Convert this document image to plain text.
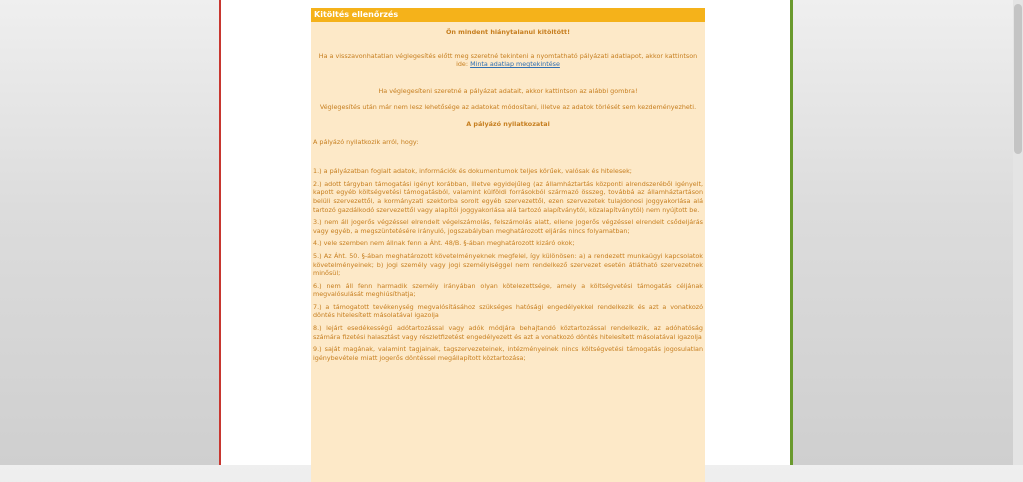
Kitöltés ellenőrzés

Ön mindent hiánytalanul kitöltött!

Ha a visszavonhatatlan véglegesítés előtt meg szeretné tekinteni a nyomtatható pályázati adatlapot, akkor kattintson ide: Minta adatlap megtekintése

Ha véglegesíteni szeretné a pályázat adatait, akkor kattintson az alábbi gombra!

Véglegesítés után már nem lesz lehetősége az adatokat módosítani, illetve az adatok törlését sem kezdeményezheti.

A pályázó nyilatkozatai

A pályázó nyilatkozik arról, hogy:

1.) a pályázatban foglalt adatok, információk és dokumentumok teljes körűek, valósak és hitelesek;

2.) adott tárgyban támogatási igényt korábban, illetve egyidejűleg (az államháztartás központi alrendszeréből igényelt, kapott egyéb költségvetési támogatásból, valamint külföldi forrásokból származó összeg, továbbá az államháztartáson belüli szervezettől, a kormányzati szektorba sorolt egyéb szervezettől, ezen szervezetek tulajdonosi joggyakorlása alá tartozó gazdálkodó szervezettől vagy alapítói joggyakorlása alá tartozó alapítványtól, közalapítványtól) nem nyújtott be.

3.) nem áll jogerős végzéssel elrendelt végelszámolás, felszámolás alatt, ellene jogerős végzéssel elrendelt csődeljárás vagy egyéb, a megszüntetésére irányuló, jogszabályban meghatározott eljárás nincs folyamatban;

4.) vele szemben nem állnak fenn a Áht. 48/B. §-ában meghatározott kizáró okok;

5.) Az Áht. 50. §-ában meghatározott követelményeknek megfelel, így különösen: a) a rendezett munkaügyi kapcsolatok követelményeinek; b) jogi személy vagy jogi személyiséggel nem rendelkező szervezet esetén átlátható szervezetnek minősül;

6.) nem áll fenn harmadik személy irányában olyan kötelezettsége, amely a költségvetési támogatás céljának megvalósulását meghiúsíthatja;

7.) a támogatott tevékenység megvalósításához szükséges hatósági engedélyekkel rendelkezik és azt a vonatkozó döntés hitelesített másolatával igazolja

8.) lejárt esedékességű adótartozással vagy adók módjára behajtandó köztartozással rendelkezik, az adóhatóság számára fizetési halasztást vagy részletfizetést engedélyezett és azt a vonatkozó döntés hitelesített másolatával igazolja

9.) saját magának, valamint tagjainak, tagszervezeteinek, intézményeinek nincs költségvetési támogatás jogosulatlan igénybevétele miatt jogerős döntéssel megállapított köztartozása;
